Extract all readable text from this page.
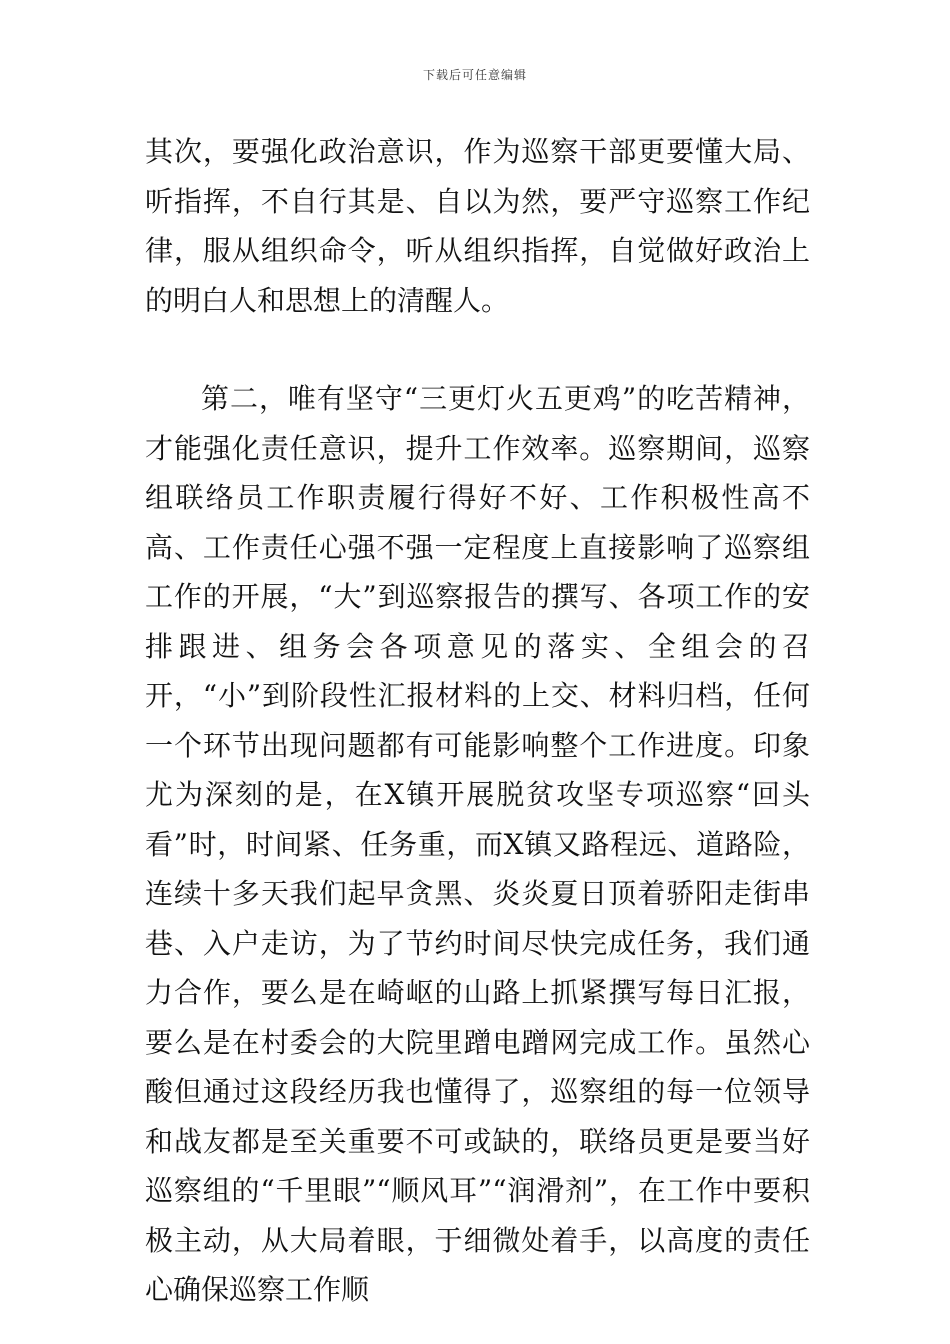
下载后可任意编辑

其次，要强化政治意识，作为巡察干部更要懂大局、听指挥，不自行其是、自以为然，要严守巡察工作纪律，服从组织命令，听从组织指挥，自觉做好政治上的明白人和思想上的清醒人。

第二，唯有坚守“三更灯火五更鸡”的吃苦精神，才能强化责任意识，提升工作效率。巡察期间，巡察组联络员工作职责履行得好不好、工作积极性高不高、工作责任心强不强一定程度上直接影响了巡察组工作的开展，“大”到巡察报告的撰写、各项工作的安排跟进、组务会各项意见的落实、全组会的召开，“小”到阶段性汇报材料的上交、材料归档，任何一个环节出现问题都有可能影响整个工作进度。印象尤为深刻的是，在X镇开展脱贫攻坚专项巡察“回头看”时，时间紧、任务重，而X镇又路程远、道路险，连续十多天我们起早贪黑、炎炎夏日顶着骄阳走街串巷、入户走访，为了节约时间尽快完成任务，我们通力合作，要么是在崎岖的山路上抓紧撰写每日汇报，要么是在村委会的大院里蹭电蹭网完成工作。虽然心酸但通过这段经历我也懂得了，巡察组的每一位领导和战友都是至关重要不可或缺的，联络员更是要当好巡察组的“千里眼”“顺风耳”“润滑剂”，在工作中要积极主动，从大局着眼，于细微处着手，以高度的责任心确保巡察工作顺
